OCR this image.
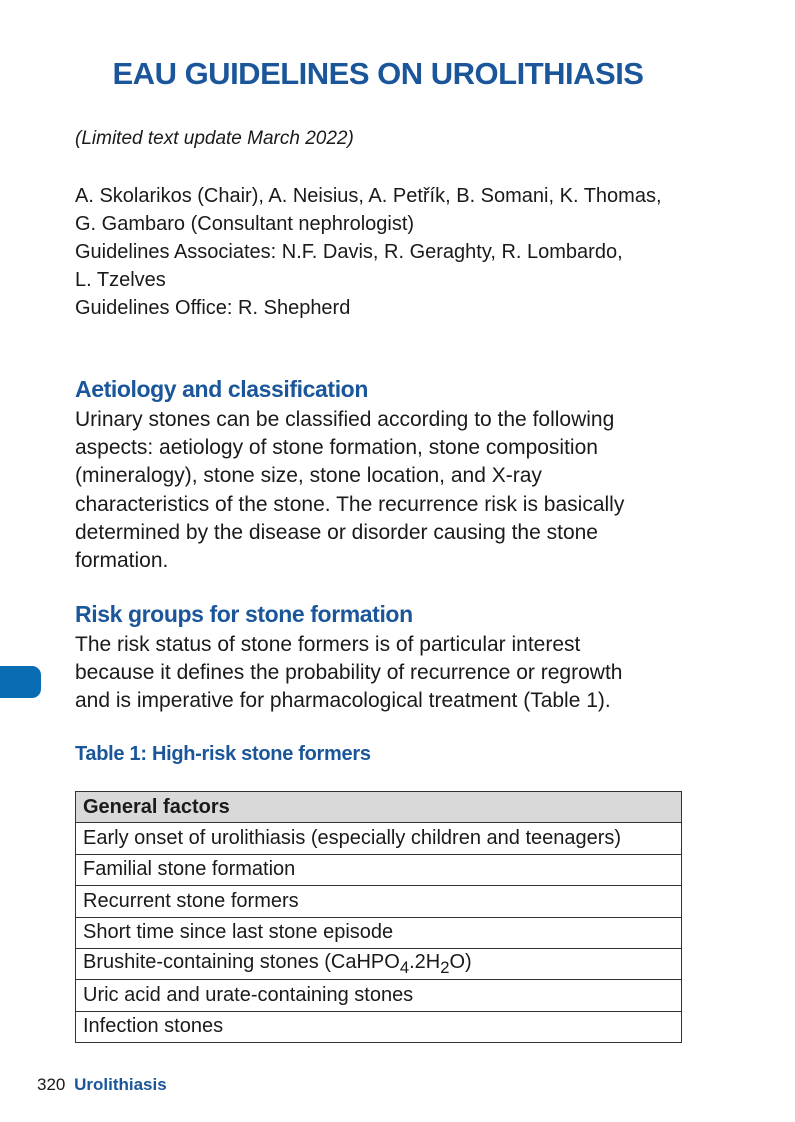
EAU GUIDELINES ON UROLITHIASIS
(Limited text update March 2022)
A. Skolarikos (Chair), A. Neisius, A. Petřík, B. Somani, K. Thomas,
G. Gambaro (Consultant nephrologist)
Guidelines Associates: N.F. Davis, R. Geraghty, R. Lombardo,
L. Tzelves
Guidelines Office: R. Shepherd
Aetiology and classification
Urinary stones can be classified according to the following
aspects: aetiology of stone formation, stone composition
(mineralogy), stone size, stone location, and X-ray
characteristics of the stone. The recurrence risk is basically
determined by the disease or disorder causing the stone
formation.
Risk groups for stone formation
The risk status of stone formers is of particular interest
because it defines the probability of recurrence or regrowth
and is imperative for pharmacological treatment (Table 1).
Table 1: High-risk stone formers
General factors
Early onset of urolithiasis (especially children and teenagers)
Familial stone formation
Recurrent stone formers
Short time since last stone episode
Brushite-containing stones $(CaHPO_4.2H_2O)$
Uric acid and urate-containing stones
Infection stones
320 Urolithiasis
